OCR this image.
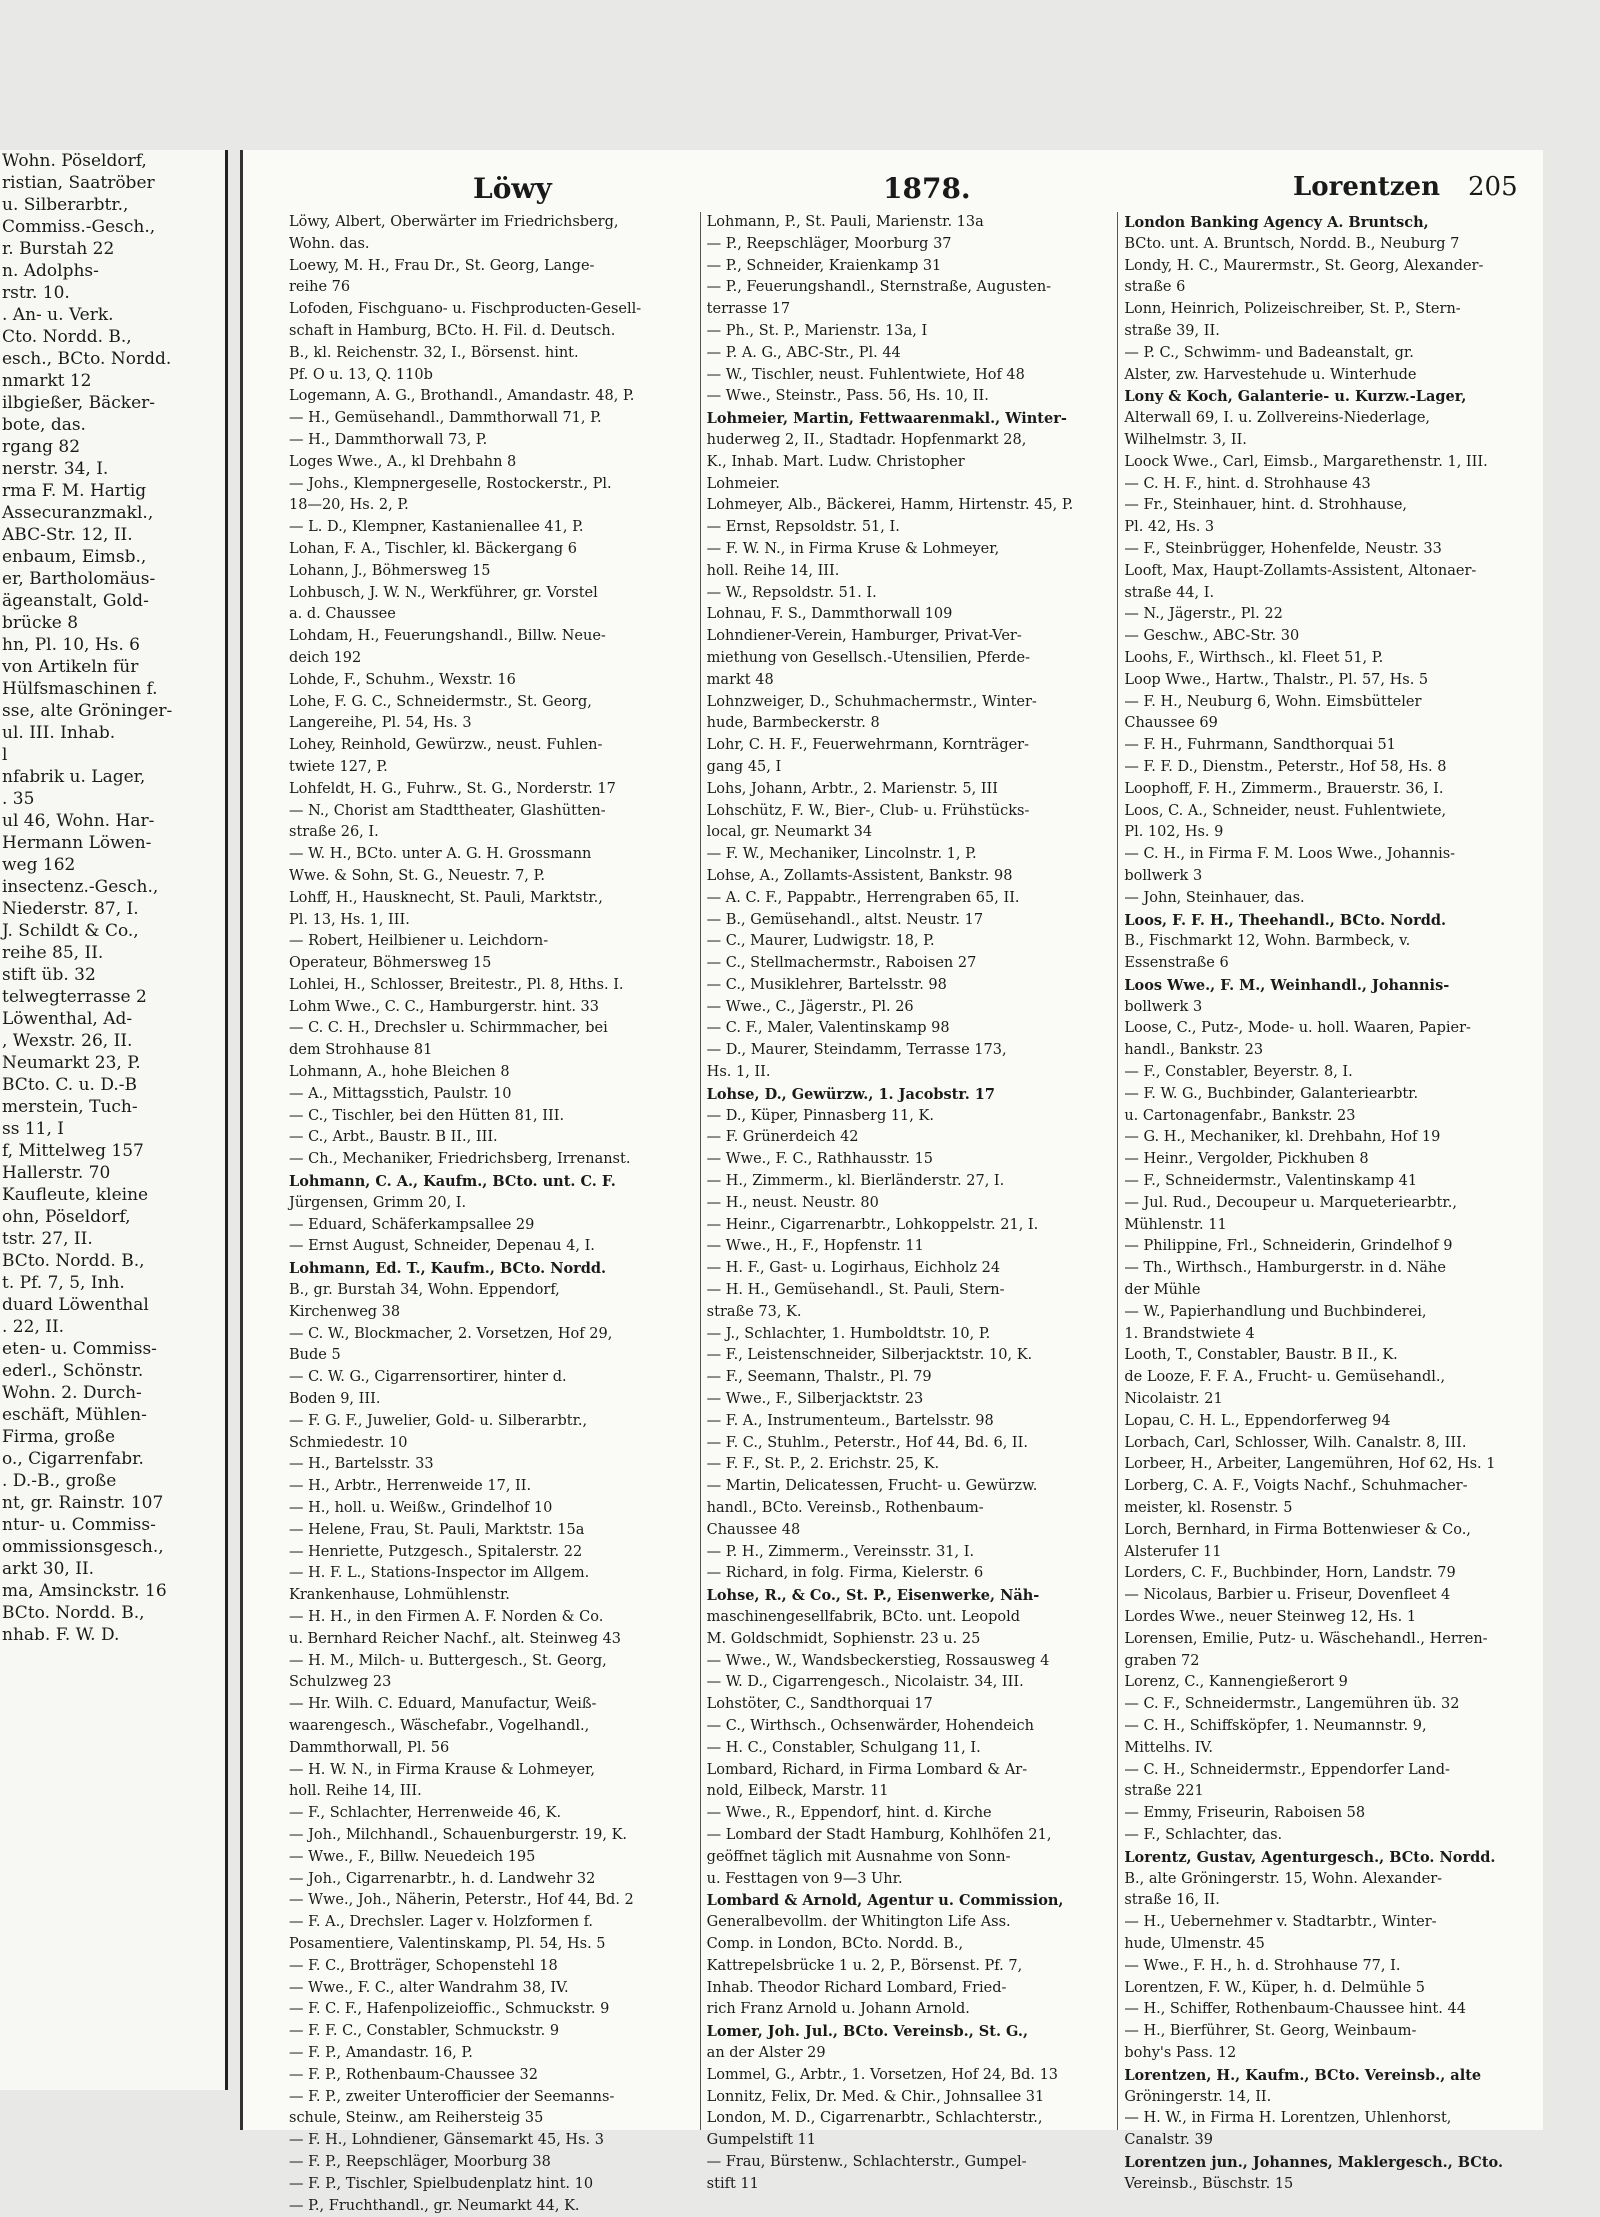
Wohn. Pöseldorf,
ristian, Saatröber
u. Silberarbtr.,
Commiss.-Gesch.,
r. Burstah 22
n. Adolphs-
rstr. 10.
. An- u. Verk.
Cto. Nordd. B.,
esch., BCto. Nordd.
nmarkt 12
ilbgießer, Bäcker-
bote, das.
rgang 82
nerstr. 34, I.
rma F. M. Hartig
Assecuranzmakl.,
ABC-Str. 12, II.
enbaum, Eimsb.,
er, Bartholomäus-
ägeanstalt, Gold-
brücke 8
hn, Pl. 10, Hs. 6
von Artikeln für
Hülfsmaschinen f.
sse, alte Gröninger-
ul. III. Inhab.
l
nfabrik u. Lager,
. 35
ul 46, Wohn. Har-
Hermann Löwen-
weg 162
insectenz.-Gesch.,
Niederstr. 87, I.
J. Schildt & Co.,
reihe 85, II.
stift üb. 32
telwegterrasse 2
Löwenthal, Ad-
, Wexstr. 26, II.
Neumarkt 23, P.
BCto. C. u. D.-B
merstein, Tuch-
ss 11, I
f, Mittelweg 157
Hallerstr. 70
Kaufleute, kleine
ohn, Pöseldorf,
tstr. 27, II.
BCto. Nordd. B.,
t. Pf. 7, 5, Inh.
duard Löwenthal
. 22, II.
eten- u. Commiss-
ederl., Schönstr.
Wohn. 2. Durch-
eschäft, Mühlen-
Firma, große
o., Cigarrenfabr.
. D.-B., große
nt, gr. Rainstr. 107
ntur- u. Commiss-
ommissionsgesch.,
arkt 30, II.
ma, Amsinckstr. 16
BCto. Nordd. B.,
nhab. F. W. D.
Löwy	1878.	Lorentzen 205
Löwy, Albert, Oberwärter im Friedrichsberg,
Wohn. das.
Loewy, M. H., Frau Dr., St. Georg, Lange-
reihe 76
Lofoden, Fischguano- u. Fischproducten-Gesell-
schaft in Hamburg, BCto. H. Fil. d. Deutsch.
B., kl. Reichenstr. 32, I., Börsenst. hint.
Pf. O u. 13, Q. 110b
Logemann, A. G., Brothandl., Amandastr. 48, P.
— H., Gemüsehandl., Dammthorwall 71, P.
— H., Dammthorwall 73, P.
Loges Wwe., A., kl Drehbahn 8
— Johs., Klempnergeselle, Rostockerstr., Pl.
18—20, Hs. 2, P.
— L. D., Klempner, Kastanienallee 41, P.
Lohan, F. A., Tischler, kl. Bäckergang 6
Lohann, J., Böhmersweg 15
Lohbusch, J. W. N., Werkführer, gr. Vorstel
a. d. Chaussee
Lohdam, H., Feuerungshandl., Billw. Neue-
deich 192
Lohde, F., Schuhm., Wexstr. 16
Lohe, F. G. C., Schneidermstr., St. Georg,
Langereihe, Pl. 54, Hs. 3
Lohey, Reinhold, Gewürzw., neust. Fuhlen-
twiete 127, P.
Lohfeldt, H. G., Fuhrw., St. G., Norderstr. 17
— N., Chorist am Stadttheater, Glashütten-
straße 26, I.
— W. H., BCto. unter A. G. H. Grossmann
Wwe. & Sohn, St. G., Neuestr. 7, P.
Lohff, H., Hausknecht, St. Pauli, Marktstr.,
Pl. 13, Hs. 1, III.
— Robert, Heilbiener u. Leichdorn-
Operateur, Böhmersweg 15
Lohlei, H., Schlosser, Breitestr., Pl. 8, Hths. I.
Lohm Wwe., C. C., Hamburgerstr. hint. 33
— C. C. H., Drechsler u. Schirmmacher, bei
dem Strohhause 81
Lohmann, A., hohe Bleichen 8
— A., Mittagsstich, Paulstr. 10
— C., Tischler, bei den Hütten 81, III.
— C., Arbt., Baustr. B II., III.
— Ch., Mechaniker, Friedrichsberg, Irrenanst.
Lohmann, C. A., Kaufm., BCto. unt. C. F.
Jürgensen, Grimm 20, I.
— Eduard, Schäferkampsallee 29
— Ernst August, Schneider, Depenau 4, I.
Lohmann, Ed. T., Kaufm., BCto. Nordd.
B., gr. Burstah 34, Wohn. Eppendorf,
Kirchenweg 38
— C. W., Blockmacher, 2. Vorsetzen, Hof 29,
Bude 5
— C. W. G., Cigarrensortirer, hinter d.
Boden 9, III.
— F. G. F., Juwelier, Gold- u. Silberarbtr.,
Schmiedestr. 10
— H., Bartelsstr. 33
— H., Arbtr., Herrenweide 17, II.
— H., holl. u. Weißw., Grindelhof 10
— Helene, Frau, St. Pauli, Marktstr. 15a
— Henriette, Putzgesch., Spitalerstr. 22
— H. F. L., Stations-Inspector im Allgem.
Krankenhause, Lohmühlenstr.
— H. H., in den Firmen A. F. Norden & Co.
u. Bernhard Reicher Nachf., alt. Steinweg 43
— H. M., Milch- u. Buttergesch., St. Georg,
Schulzweg 23
— Hr. Wilh. C. Eduard, Manufactur, Weiß-
waarengesch., Wäschefabr., Vogelhandl.,
Dammthorwall, Pl. 56
— H. W. N., in Firma Krause & Lohmeyer,
holl. Reihe 14, III.
— F., Schlachter, Herrenweide 46, K.
— Joh., Milchhandl., Schauenburgerstr. 19, K.
— Wwe., F., Billw. Neuedeich 195
— Joh., Cigarrenarbtr., h. d. Landwehr 32
— Wwe., Joh., Näherin, Peterstr., Hof 44, Bd. 2
— F. A., Drechsler. Lager v. Holzformen f.
Posamentiere, Valentinskamp, Pl. 54, Hs. 5
— F. C., Brotträger, Schopenstehl 18
— Wwe., F. C., alter Wandrahm 38, IV.
— F. C. F., Hafenpolizeioffic., Schmuckstr. 9
— F. F. C., Constabler, Schmuckstr. 9
— F. P., Amandastr. 16, P.
— F. P., Rothenbaum-Chaussee 32
— F. P., zweiter Unterofficier der Seemanns-
schule, Steinw., am Reihersteig 35
— F. H., Lohndiener, Gänsemarkt 45, Hs. 3
— F. P., Reepschläger, Moorburg 38
— F. P., Tischler, Spielbudenplatz hint. 10
— P., Fruchthandl., gr. Neumarkt 44, K.
Lohmann, P., St. Pauli, Marienstr. 13a
— P., Reepschläger, Moorburg 37
— P., Schneider, Kraienkamp 31
— P., Feuerungshandl., Sternstraße, Augusten-
terrasse 17
— Ph., St. P., Marienstr. 13a, I
— P. A. G., ABC-Str., Pl. 44
— W., Tischler, neust. Fuhlentwiete, Hof 48
— Wwe., Steinstr., Pass. 56, Hs. 10, II.
Lohmeier, Martin, Fettwaarenmakl., Winter-
huderweg 2, II., Stadtadr. Hopfenmarkt 28,
K., Inhab. Mart. Ludw. Christopher
Lohmeier.
Lohmeyer, Alb., Bäckerei, Hamm, Hirtenstr. 45, P.
— Ernst, Repsoldstr. 51, I.
— F. W. N., in Firma Kruse & Lohmeyer,
holl. Reihe 14, III.
— W., Repsoldstr. 51. I.
Lohnau, F. S., Dammthorwall 109
Lohndiener-Verein, Hamburger, Privat-Ver-
miethung von Gesellsch.-Utensilien, Pferde-
markt 48
Lohnzweiger, D., Schuhmachermstr., Winter-
hude, Barmbeckerstr. 8
Lohr, C. H. F., Feuerwehrmann, Kornträger-
gang 45, I
Lohs, Johann, Arbtr., 2. Marienstr. 5, III
Lohschütz, F. W., Bier-, Club- u. Frühstücks-
local, gr. Neumarkt 34
— F. W., Mechaniker, Lincolnstr. 1, P.
Lohse, A., Zollamts-Assistent, Bankstr. 98
— A. C. F., Pappabtr., Herrengraben 65, II.
— B., Gemüsehandl., altst. Neustr. 17
— C., Maurer, Ludwigstr. 18, P.
— C., Stellmachermstr., Raboisen 27
— C., Musiklehrer, Bartelsstr. 98
— Wwe., C., Jägerstr., Pl. 26
— C. F., Maler, Valentinskamp 98
— D., Maurer, Steindamm, Terrasse 173,
Hs. 1, II.
Lohse, D., Gewürzw., 1. Jacobstr. 17
— D., Küper, Pinnasberg 11, K.
— F. Grünerdeich 42
— Wwe., F. C., Rathhausstr. 15
— H., Zimmerm., kl. Bierländerstr. 27, I.
— H., neust. Neustr. 80
— Heinr., Cigarrenarbtr., Lohkoppelstr. 21, I.
— Wwe., H., F., Hopfenstr. 11
— H. F., Gast- u. Logirhaus, Eichholz 24
— H. H., Gemüsehandl., St. Pauli, Stern-
straße 73, K.
— J., Schlachter, 1. Humboldtstr. 10, P.
— F., Leistenschneider, Silberjacktstr. 10, K.
— F., Seemann, Thalstr., Pl. 79
— Wwe., F., Silberjacktstr. 23
— F. A., Instrumenteum., Bartelsstr. 98
— F. C., Stuhlm., Peterstr., Hof 44, Bd. 6, II.
— F. F., St. P., 2. Erichstr. 25, K.
— Martin, Delicatessen, Frucht- u. Gewürzw.
handl., BCto. Vereinsb., Rothenbaum-
Chaussee 48
— P. H., Zimmerm., Vereinsstr. 31, I.
— Richard, in folg. Firma, Kielerstr. 6
Lohse, R., & Co., St. P., Eisenwerke, Näh-
maschinengesellfabrik, BCto. unt. Leopold
M. Goldschmidt, Sophienstr. 23 u. 25
— Wwe., W., Wandsbeckerstieg, Rossausweg 4
— W. D., Cigarrengesch., Nicolaistr. 34, III.
Lohstöter, C., Sandthorquai 17
— C., Wirthsch., Ochsenwärder, Hohendeich
— H. C., Constabler, Schulgang 11, I.
Lombard, Richard, in Firma Lombard & Ar-
nold, Eilbeck, Marstr. 11
— Wwe., R., Eppendorf, hint. d. Kirche
— Lombard der Stadt Hamburg, Kohlhöfen 21,
geöffnet täglich mit Ausnahme von Sonn-
u. Festtagen von 9—3 Uhr.
Lombard & Arnold, Agentur u. Commission,
Generalbevollm. der Whitington Life Ass.
Comp. in London, BCto. Nordd. B.,
Kattrepelsbrücke 1 u. 2, P., Börsenst. Pf. 7,
Inhab. Theodor Richard Lombard, Fried-
rich Franz Arnold u. Johann Arnold.
Lomer, Joh. Jul., BCto. Vereinsb., St. G.,
an der Alster 29
Lommel, G., Arbtr., 1. Vorsetzen, Hof 24, Bd. 13
Lonnitz, Felix, Dr. Med. & Chir., Johnsallee 31
London, M. D., Cigarrenarbtr., Schlachterstr.,
Gumpelstift 11
— Frau, Bürstenw., Schlachterstr., Gumpel-
stift 11
London Banking Agency A. Bruntsch,
BCto. unt. A. Bruntsch, Nordd. B., Neuburg 7
Londy, H. C., Maurermstr., St. Georg, Alexander-
straße 6
Lonn, Heinrich, Polizeischreiber, St. P., Stern-
straße 39, II.
— P. C., Schwimm- und Badeanstalt, gr.
Alster, zw. Harvestehude u. Winterhude
Lony & Koch, Galanterie- u. Kurzw.-Lager,
Alterwall 69, I. u. Zollvereins-Niederlage,
Wilhelmstr. 3, II.
Loock Wwe., Carl, Eimsb., Margarethenstr. 1, III.
— C. H. F., hint. d. Strohhause 43
— Fr., Steinhauer, hint. d. Strohhause,
Pl. 42, Hs. 3
— F., Steinbrügger, Hohenfelde, Neustr. 33
Looft, Max, Haupt-Zollamts-Assistent, Altonaer-
straße 44, I.
— N., Jägerstr., Pl. 22
— Geschw., ABC-Str. 30
Loohs, F., Wirthsch., kl. Fleet 51, P.
Loop Wwe., Hartw., Thalstr., Pl. 57, Hs. 5
— F. H., Neuburg 6, Wohn. Eimsbütteler
Chaussee 69
— F. H., Fuhrmann, Sandthorquai 51
— F. F. D., Dienstm., Peterstr., Hof 58, Hs. 8
Loophoff, F. H., Zimmerm., Brauerstr. 36, I.
Loos, C. A., Schneider, neust. Fuhlentwiete,
Pl. 102, Hs. 9
— C. H., in Firma F. M. Loos Wwe., Johannis-
bollwerk 3
— John, Steinhauer, das.
Loos, F. F. H., Theehandl., BCto. Nordd.
B., Fischmarkt 12, Wohn. Barmbeck, v.
Essenstraße 6
Loos Wwe., F. M., Weinhandl., Johannis-
bollwerk 3
Loose, C., Putz-, Mode- u. holl. Waaren, Papier-
handl., Bankstr. 23
— F., Constabler, Beyerstr. 8, I.
— F. W. G., Buchbinder, Galanteriearbtr.
u. Cartonagenfabr., Bankstr. 23
— G. H., Mechaniker, kl. Drehbahn, Hof 19
— Heinr., Vergolder, Pickhuben 8
— F., Schneidermstr., Valentinskamp 41
— Jul. Rud., Decoupeur u. Marqueteriearbtr.,
Mühlenstr. 11
— Philippine, Frl., Schneiderin, Grindelhof 9
— Th., Wirthsch., Hamburgerstr. in d. Nähe
der Mühle
— W., Papierhandlung und Buchbinderei,
1. Brandstwiete 4
Looth, T., Constabler, Baustr. B II., K.
de Looze, F. F. A., Frucht- u. Gemüsehandl.,
Nicolaistr. 21
Lopau, C. H. L., Eppendorferweg 94
Lorbach, Carl, Schlosser, Wilh. Canalstr. 8, III.
Lorbeer, H., Arbeiter, Langemühren, Hof 62, Hs. 1
Lorberg, C. A. F., Voigts Nachf., Schuhmacher-
meister, kl. Rosenstr. 5
Lorch, Bernhard, in Firma Bottenwieser & Co.,
Alsterufer 11
Lorders, C. F., Buchbinder, Horn, Landstr. 79
— Nicolaus, Barbier u. Friseur, Dovenfleet 4
Lordes Wwe., neuer Steinweg 12, Hs. 1
Lorensen, Emilie, Putz- u. Wäschehandl., Herren-
graben 72
Lorenz, C., Kannengießerort 9
— C. F., Schneidermstr., Langemühren üb. 32
— C. H., Schiffsköpfer, 1. Neumannstr. 9,
Mittelhs. IV.
— C. H., Schneidermstr., Eppendorfer Land-
straße 221
— Emmy, Friseurin, Raboisen 58
— F., Schlachter, das.
Lorentz, Gustav, Agenturgesch., BCto. Nordd.
B., alte Gröningerstr. 15, Wohn. Alexander-
straße 16, II.
— H., Uebernehmer v. Stadtarbtr., Winter-
hude, Ulmenstr. 45
— Wwe., F. H., h. d. Strohhause 77, I.
Lorentzen, F. W., Küper, h. d. Delmühle 5
— H., Schiffer, Rothenbaum-Chaussee hint. 44
— H., Bierführer, St. Georg, Weinbaum-
bohy's Pass. 12
Lorentzen, H., Kaufm., BCto. Vereinsb., alte
Gröningerstr. 14, II.
— H. W., in Firma H. Lorentzen, Uhlenhorst,
Canalstr. 39
Lorentzen jun., Johannes, Maklergesch., BCto.
Vereinsb., Büschstr. 15
